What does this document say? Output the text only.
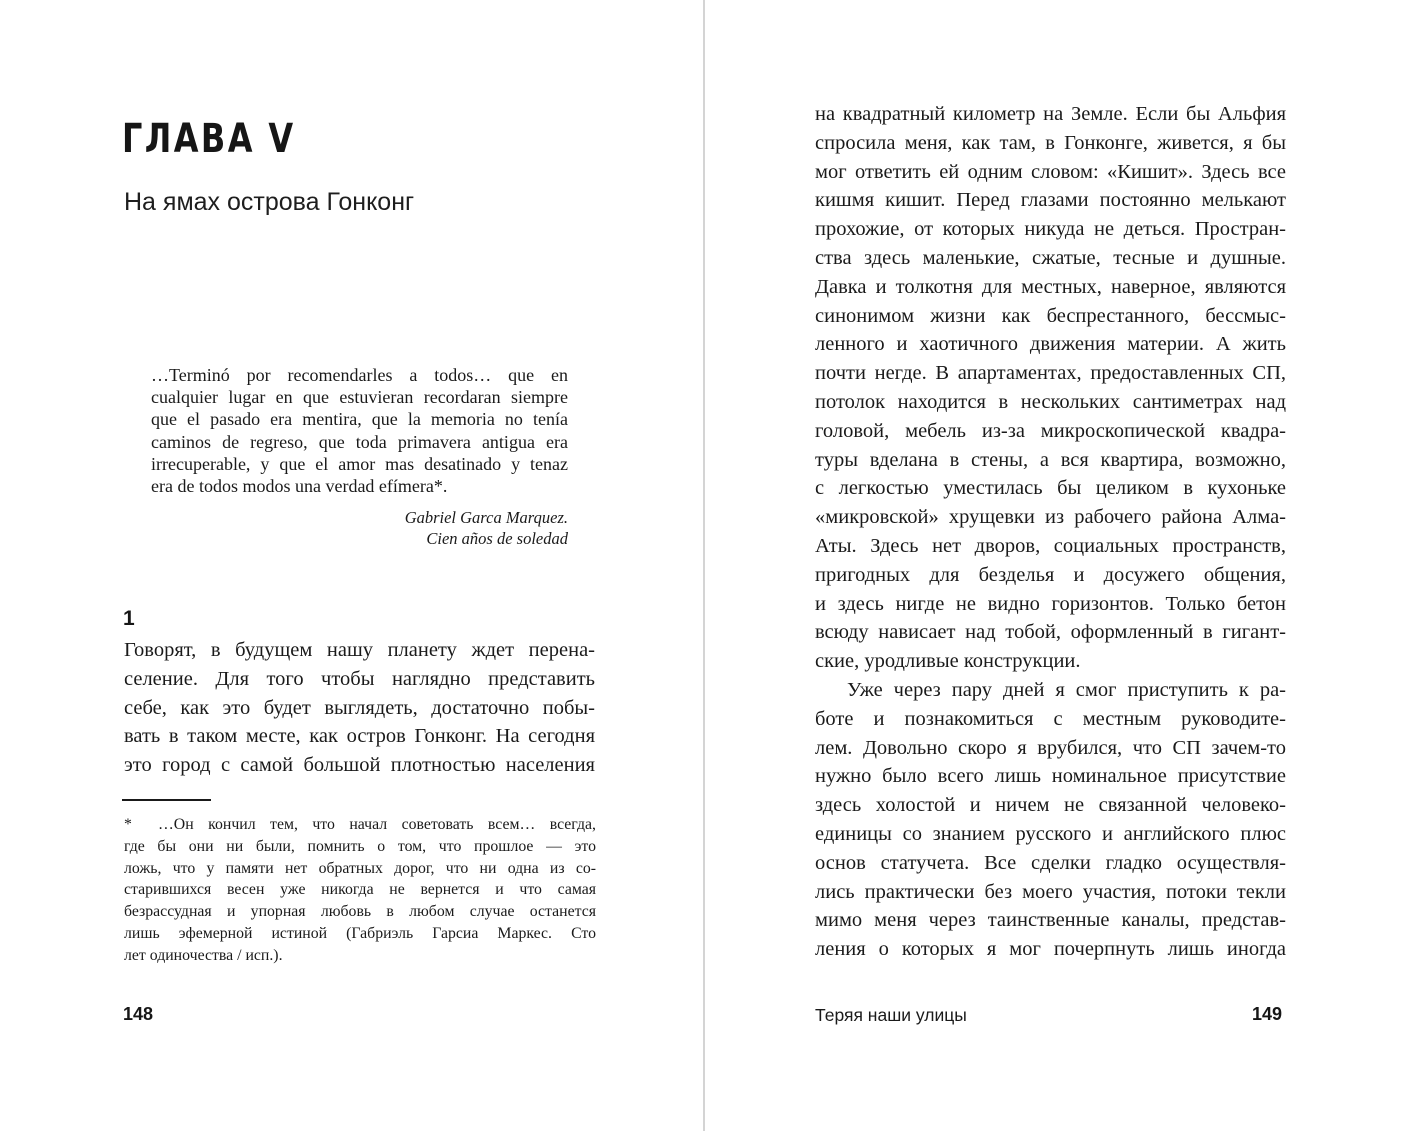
ГЛАВА V
На ямах острова Гонконг
…Terminó por recomendarles a todos… que en
cualquier lugar en que estuvieran recordaran siempre
que el pasado era mentira, que la memoria no tenía
caminos de regreso, que toda primavera antigua era
irrecuperable, y que el amor mas desatinado y tenaz
era de todos modos una verdad efímera*.
Gabriel Garca Marquez.
Cien años de soledad
1
Говорят, в будущем нашу планету ждет перена-
селение. Для того чтобы наглядно представить
себе, как это будет выглядеть, достаточно побы-
вать в таком месте, как остров Гонконг. На сегодня
это город с самой большой плотностью населения
* …Он кончил тем, что начал советовать всем… всегда,
где бы они ни были, помнить о том, что прошлое — это
ложь, что у памяти нет обратных дорог, что ни одна из со-
старившихся весен уже никогда не вернется и что самая
безрассудная и упорная любовь в любом случае останется
лишь эфемерной истиной (Габриэль Гарсиа Маркес. Сто
лет одиночества / исп.).
148
на квадратный километр на Земле. Если бы Альфия
спросила меня, как там, в Гонконге, живется, я бы
мог ответить ей одним словом: «Кишит». Здесь все
кишмя кишит. Перед глазами постоянно мелькают
прохожие, от которых никуда не деться. Простран-
ства здесь маленькие, сжатые, тесные и душные.
Давка и толкотня для местных, наверное, являются
синонимом жизни как беспрестанного, бессмыс-
ленного и хаотичного движения материи. А жить
почти негде. В апартаментах, предоставленных СП,
потолок находится в нескольких сантиметрах над
головой, мебель из-за микроскопической квадра-
туры вделана в стены, а вся квартира, возможно,
с легкостью уместилась бы целиком в кухоньке
«микровской» хрущевки из рабочего района Алма-
Аты. Здесь нет дворов, социальных пространств,
пригодных для безделья и досужего общения,
и здесь нигде не видно горизонтов. Только бетон
всюду нависает над тобой, оформленный в гигант-
ские, уродливые конструкции.
Уже через пару дней я смог приступить к ра-
боте и познакомиться с местным руководите-
лем. Довольно скоро я врубился, что СП зачем-то
нужно было всего лишь номинальное присутствие
здесь холостой и ничем не связанной человеко-
единицы со знанием русского и английского плюс
основ статучета. Все сделки гладко осуществля-
лись практически без моего участия, потоки текли
мимо меня через таинственные каналы, представ-
ления о которых я мог почерпнуть лишь иногда
Теряя наши улицы	149
